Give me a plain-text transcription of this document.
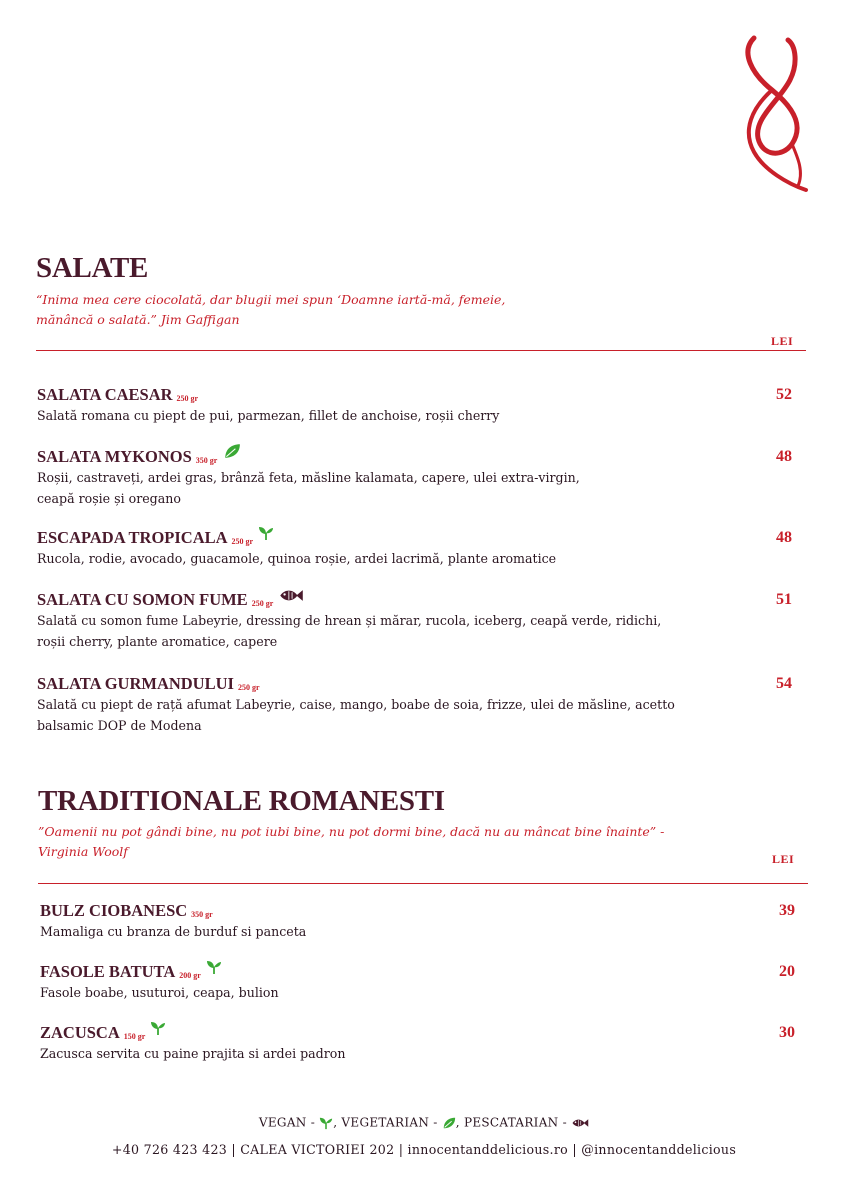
SALATE
“Inima mea cere ciocolată, dar blugii mei spun ‘Doamne iartă-mă, femeie,
mănâncă o salată.” Jim Gaffigan
LEI
SALATA CAESAR 250 gr
Salată romana cu piept de pui, parmezan, fillet de anchoise, roșii cherry
52
SALATA MYKONOS 350 gr
Roșii, castraveți, ardei gras, brânză feta, măsline kalamata, capere, ulei extra-virgin,
ceapă roșie și oregano
48
ESCAPADA TROPICALA 250 gr
Rucola, rodie, avocado, guacamole, quinoa roșie, ardei lacrimă, plante aromatice
48
SALATA CU SOMON FUME 250 gr
Salată cu somon fume Labeyrie, dressing de hrean și mărar, rucola, iceberg, ceapă verde, ridichi,
roșii cherry, plante aromatice, capere
51
SALATA GURMANDULUI 250 gr
Salată cu piept de rață afumat Labeyrie, caise, mango, boabe de soia, frizze, ulei de măsline, acetto
balsamic DOP de Modena
54
TRADITIONALE ROMANESTI
”Oamenii nu pot gândi bine, nu pot iubi bine, nu pot dormi bine, dacă nu au mâncat bine înainte” -
Virginia Woolf	LEI
BULZ CIOBANESC 350 gr
Mamaliga cu branza de burduf si panceta
39
FASOLE BATUTA 200 gr
Fasole boabe, usuturoi, ceapa, bulion
20
ZACUSCA 150 gr
Zacusca servita cu paine prajita si ardei padron
30
VEGAN - , VEGETARIAN - , PESCATARIAN -
+40 726 423 423 | CALEA VICTORIEI 202 | innocentanddelicious.ro | @innocentanddelicious
